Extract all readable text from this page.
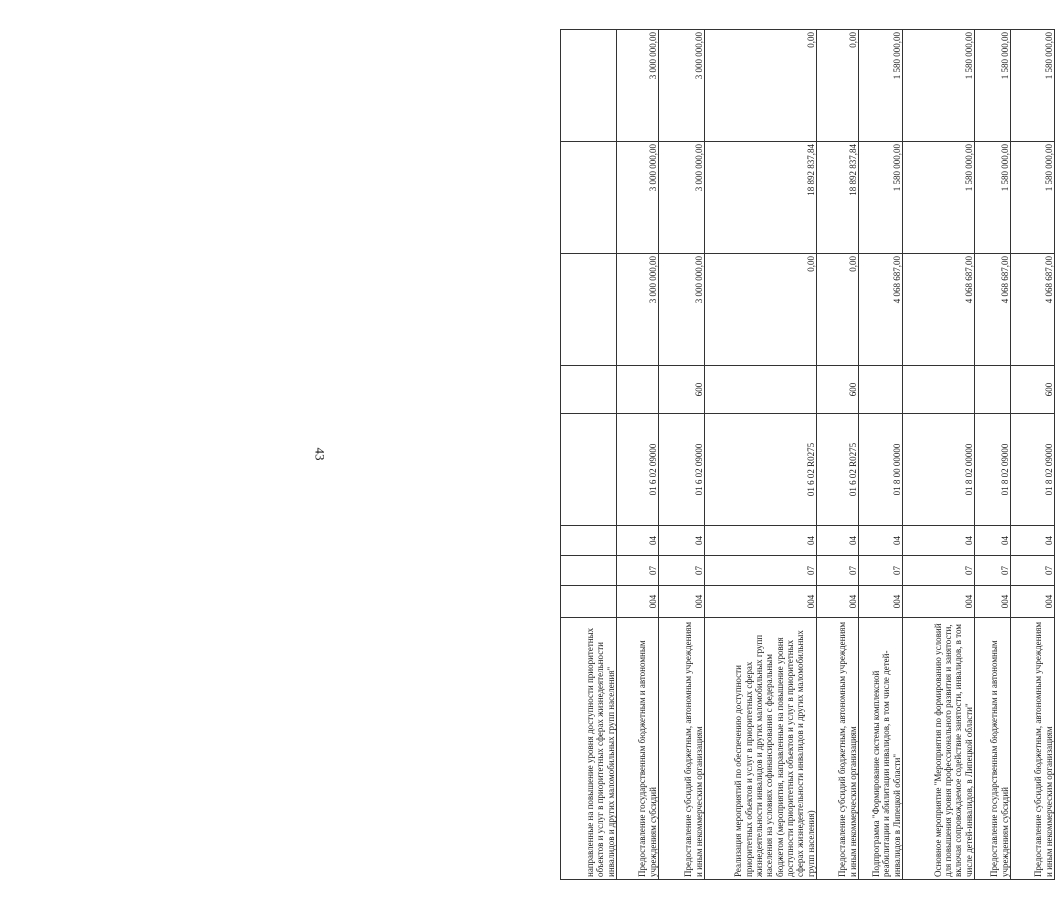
43
направленные на повышение уровня доступности приоритетных объектов и услуг в приоритетных сферах жизнедеятельности инвалидов и других маломобильных групп населения"								
Предоставление государственным бюджетным и автономным учреждениям субсидий	004	07	04	01 6 02 09000		3 000 000,00	3 000 000,00	3 000 000,00
Предоставление субсидий бюджетным, автономным учреждениям и иным некоммерческим организациям	004	07	04	01 6 02 09000	600	3 000 000,00	3 000 000,00	3 000 000,00
Реализация мероприятий по обеспечению доступности приоритетных объектов и услуг в приоритетных сферах жизнедеятельности инвалидов и других маломобильных групп населения на условиях софинансирования с федеральным бюджетом (мероприятия, направленные на повышение уровня доступности приоритетных объектов и услуг в приоритетных сферах жизнедеятельности инвалидов и других маломобильных групп населения)	004	07	04	01 6 02 R0275		0,00	18 892 837,84	0,00
Предоставление субсидий бюджетным, автономным учреждениям и иным некоммерческим организациям	004	07	04	01 6 02 R0275	600	0,00	18 892 837,84	0,00
Подпрограмма "Формирование системы комплексной реабилитации и абилитации инвалидов, в том числе детей-инвалидов в Липецкой области"	004	07	04	01 8 00 00000		4 068 687,00	1 580 000,00	1 580 000,00
Основное мероприятие "Мероприятия по формированию условий для повышения уровня профессионального развития и занятости, включая сопровождаемое содействие занятости, инвалидов, в том числе детей-инвалидов, в Липецкой области"	004	07	04	01 8 02 00000		4 068 687,00	1 580 000,00	1 580 000,00
Предоставление государственным бюджетным и автономным учреждениям субсидий	004	07	04	01 8 02 09000		4 068 687,00	1 580 000,00	1 580 000,00
Предоставление субсидий бюджетным, автономным учреждениям и иным некоммерческим организациям	004	07	04	01 8 02 09000	600	4 068 687,00	1 580 000,00	1 580 000,00
